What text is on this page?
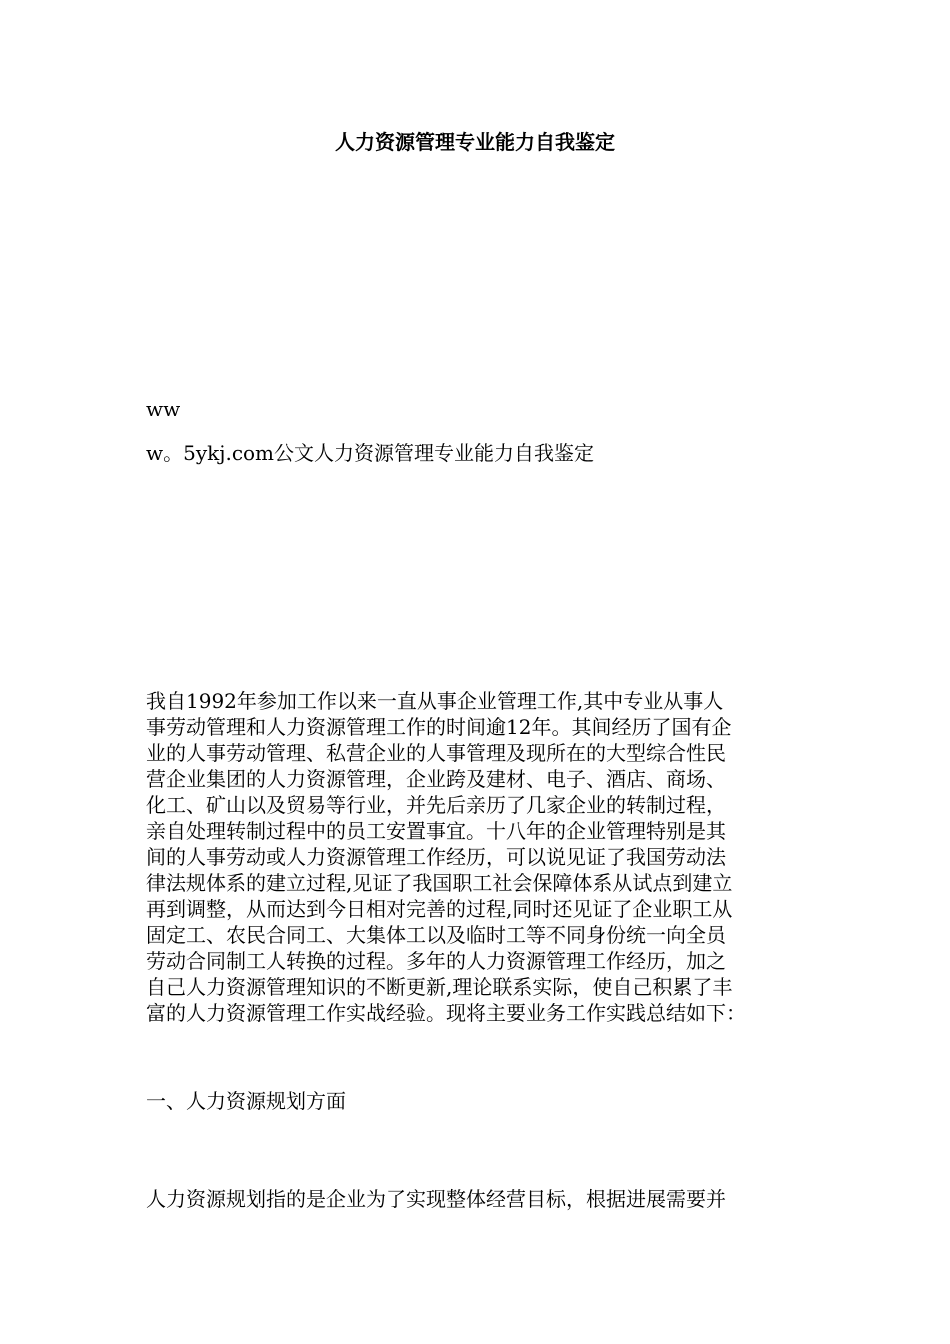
人力资源管理专业能力自我鉴定
ww
w。5ykj.com公文人力资源管理专业能力自我鉴定
我自1992年参加工作以来一直从事企业管理工作,其中专业从事人
事劳动管理和人力资源管理工作的时间逾12年。其间经历了国有企
业的人事劳动管理、私营企业的人事管理及现所在的大型综合性民
营企业集团的人力资源管理，企业跨及建材、电子、酒店、商场、
化工、矿山以及贸易等行业，并先后亲历了几家企业的转制过程，
亲自处理转制过程中的员工安置事宜。十八年的企业管理特别是其
间的人事劳动或人力资源管理工作经历，可以说见证了我国劳动法
律法规体系的建立过程,见证了我国职工社会保障体系从试点到建立
再到调整，从而达到今日相对完善的过程,同时还见证了企业职工从
固定工、农民合同工、大集体工以及临时工等不同身份统一向全员
劳动合同制工人转换的过程。多年的人力资源管理工作经历，加之
自己人力资源管理知识的不断更新,理论联系实际，使自己积累了丰
富的人力资源管理工作实战经验。现将主要业务工作实践总结如下：
一、人力资源规划方面
人力资源规划指的是企业为了实现整体经营目标，根据进展需要并
